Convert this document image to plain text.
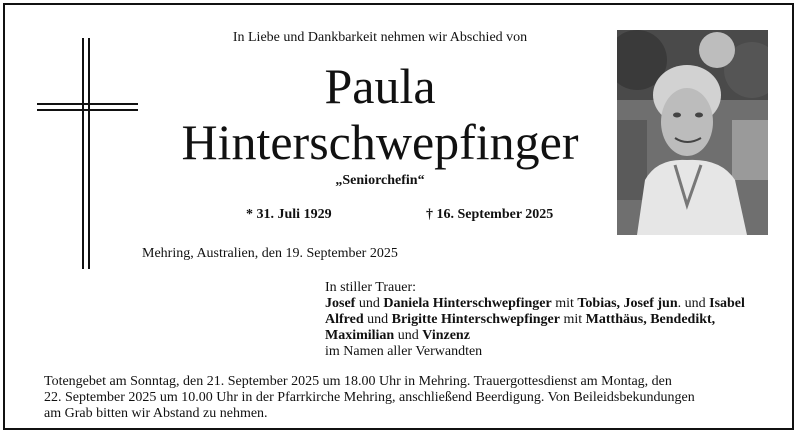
In Liebe und Dankbarkeit nehmen wir Abschied von
Paula
Hinterschwepfinger
„Seniorchefin“
* 31. Juli 1929	† 16. September 2025
Mehring, Australien, den 19. September 2025
In stiller Trauer:
Josef und Daniela Hinterschwepfinger mit Tobias, Josef jun. und Isabel
Alfred und Brigitte Hinterschwepfinger mit Matthäus, Bendedikt,
Maximilian und Vinzenz
im Namen aller Verwandten
Totengebet am Sonntag, den 21. September 2025 um 18.00 Uhr in Mehring. Trauergottesdienst am Montag, den
22. September 2025 um 10.00 Uhr in der Pfarrkirche Mehring, anschließend Beerdigung. Von Beileidsbekundungen
am Grab bitten wir Abstand zu nehmen.
